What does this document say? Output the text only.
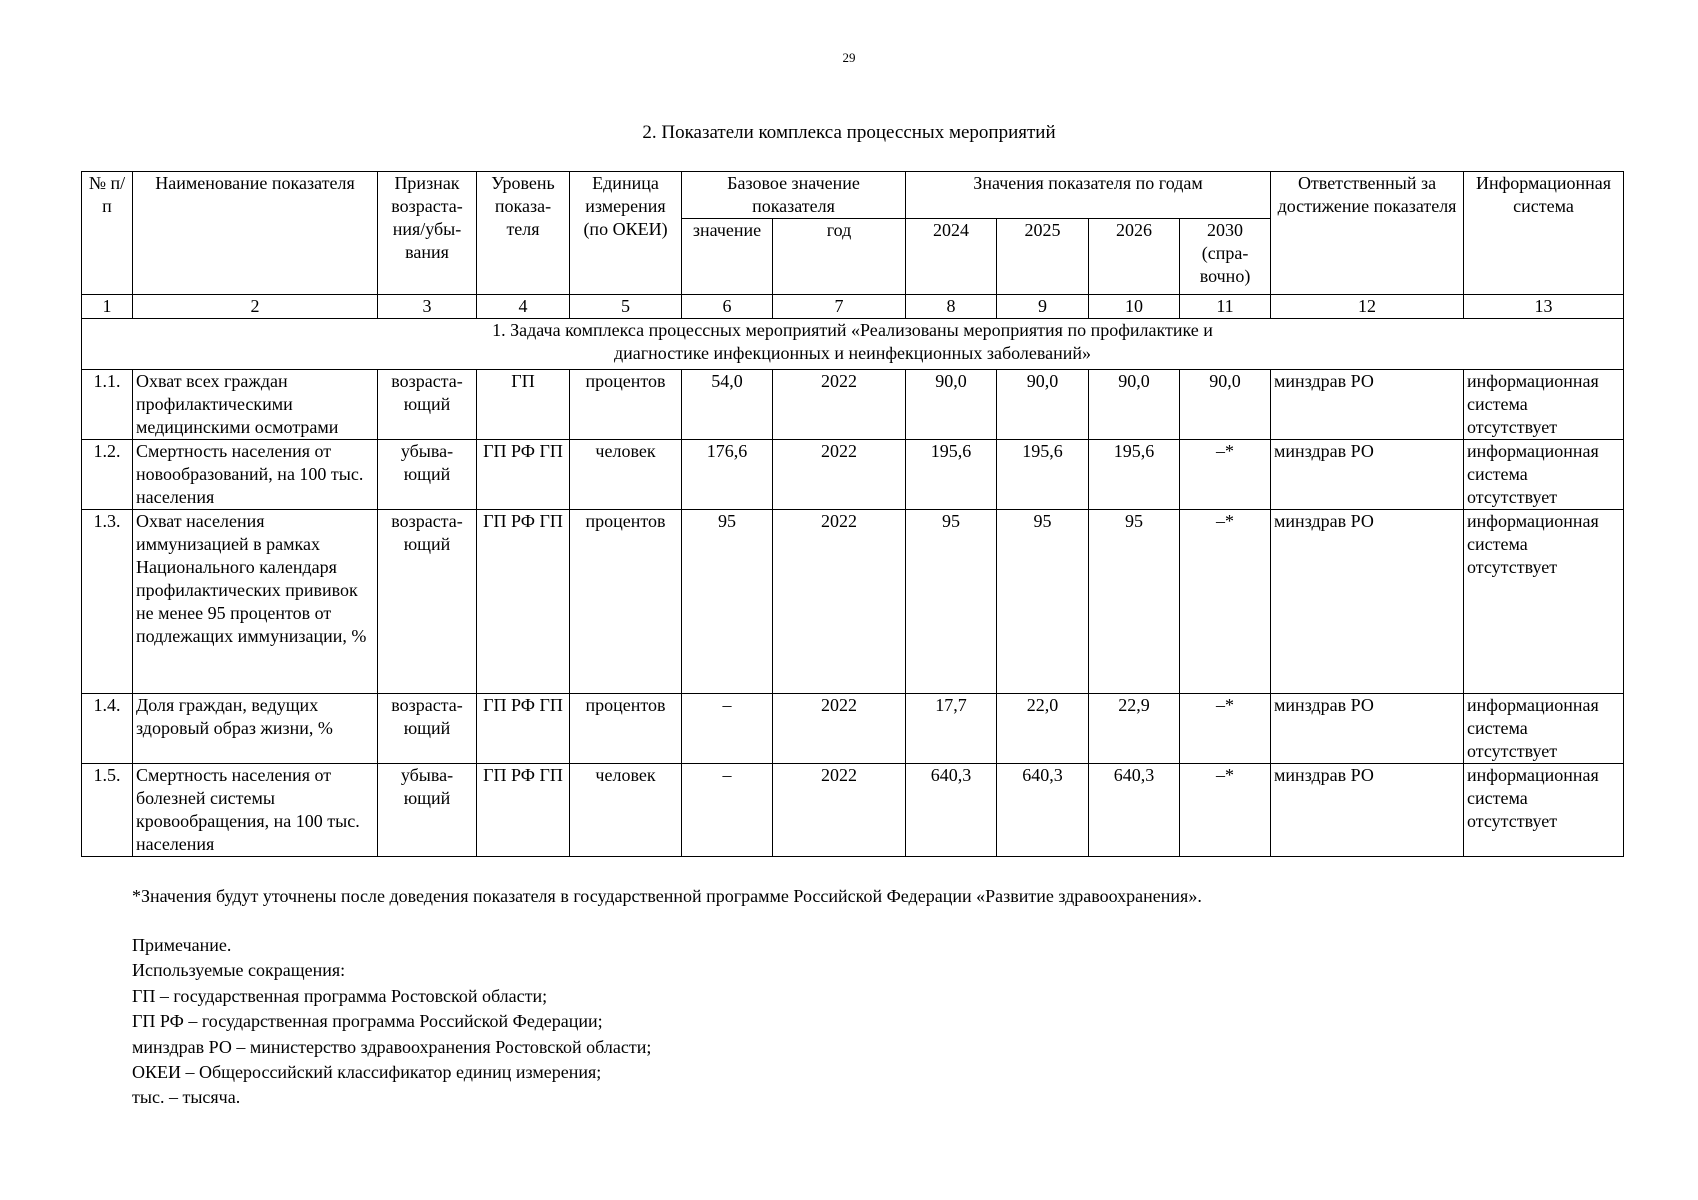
29
2. Показатели комплекса процессных мероприятий
№ п/п	Наименование показателя	Признак возраста-ния/убы-вания	Уровень показа-теля	Единица измерения (по ОКЕИ)	Базовое значение показателя		Значения показателя по годам				Ответственный за достижение показателя	Информационная система
					значение	год	2024	2025	2026	2030 (спра-вочно)		
1	2	3	4	5	6	7	8	9	10	11	12	13
1. Задача комплекса процессных мероприятий «Реализованы мероприятия по профилактике и диагностике инфекционных и неинфекционных заболеваний»												
1.1.	Охват всех граждан профилактическими медицинскими осмотрами	возраста-ющий	ГП	процентов	54,0	2022	90,0	90,0	90,0	90,0	минздрав РО	информационная система отсутствует
1.2.	Смертность населения от новообразований, на 100 тыс. населения	убыва-ющий	ГП РФ ГП	человек	176,6	2022	195,6	195,6	195,6	–*	минздрав РО	информационная система отсутствует
1.3.	Охват населения иммунизацией в рамках Национального календаря профилактических прививок не менее 95 процентов от подлежащих иммунизации, %	возраста-ющий	ГП РФ ГП	процентов	95	2022	95	95	95	–*	минздрав РО	информационная система отсутствует
1.4.	Доля граждан, ведущих здоровый образ жизни, %	возраста-ющий	ГП РФ ГП	процентов	–	2022	17,7	22,0	22,9	–*	минздрав РО	информационная система отсутствует
1.5.	Смертность населения от болезней системы кровообращения, на 100 тыс. населения	убыва-ющий	ГП РФ ГП	человек	–	2022	640,3	640,3	640,3	–*	минздрав РО	информационная система отсутствует
*Значения будут уточнены после доведения показателя в государственной программе Российской Федерации «Развитие здравоохранения».
Примечание.
Используемые сокращения:
ГП – государственная программа Ростовской области;
ГП РФ – государственная программа Российской Федерации;
минздрав РО – министерство здравоохранения Ростовской области;
ОКЕИ – Общероссийский классификатор единиц измерения;
тыс. – тысяча.
